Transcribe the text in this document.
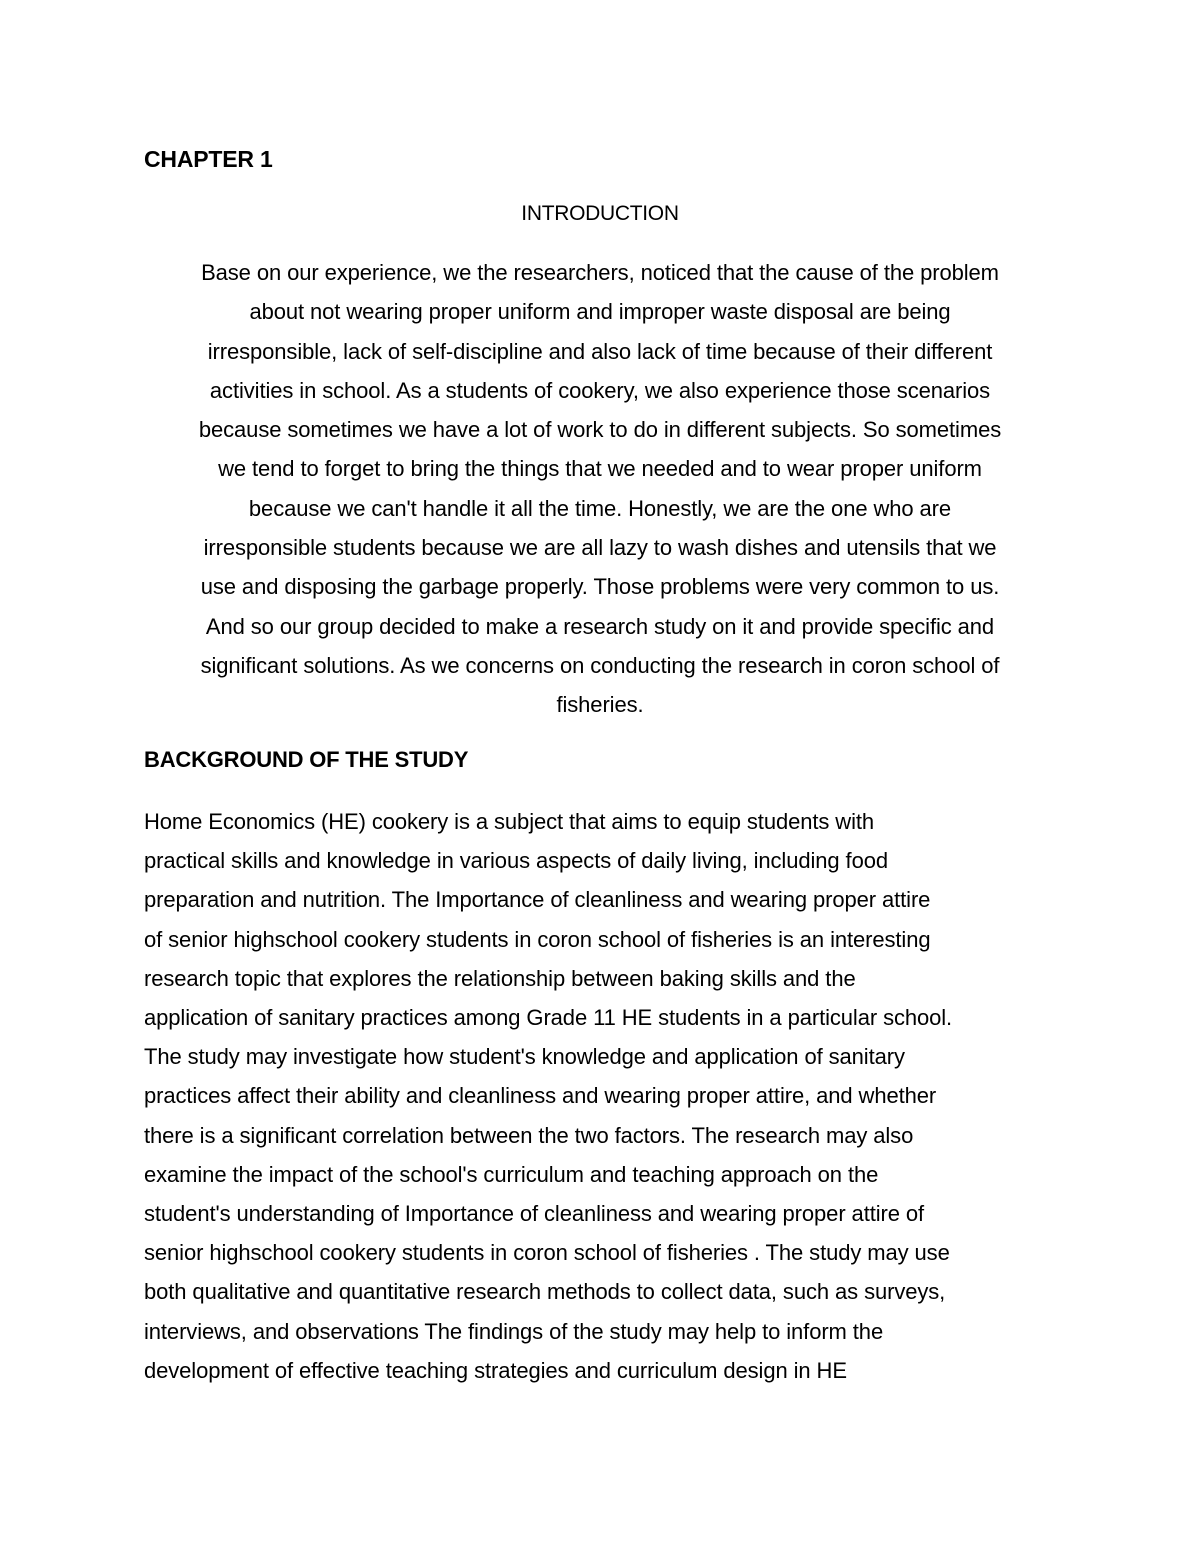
CHAPTER 1
INTRODUCTION
Base on our experience, we the researchers, noticed that the cause of the problem
about not wearing proper uniform and improper waste disposal are being
irresponsible, lack of self-discipline and also lack of time because of their different
activities in school. As a students of cookery, we also experience those scenarios
because sometimes we have a lot of work to do in different subjects. So sometimes
we tend to forget to bring the things that we needed and to wear proper uniform
because we can't handle it all the time. Honestly, we are the one who are
irresponsible students because we are all lazy to wash dishes and utensils that we
use and disposing the garbage properly. Those problems were very common to us.
And so our group decided to make a research study on it and provide specific and
significant solutions. As we concerns on conducting the research in coron school of
fisheries.
BACKGROUND OF THE STUDY
Home Economics (HE) cookery is a subject that aims to equip students with
practical skills and knowledge in various aspects of daily living, including food
preparation and nutrition. The Importance of cleanliness and wearing proper attire
of senior highschool cookery students in coron school of fisheries is an interesting
research topic that explores the relationship between baking skills and the
application of sanitary practices among Grade 11 HE students in a particular school.
The study may investigate how student's knowledge and application of sanitary
practices affect their ability and cleanliness and wearing proper attire, and whether
there is a significant correlation between the two factors. The research may also
examine the impact of the school's curriculum and teaching approach on the
student's understanding of Importance of cleanliness and wearing proper attire of
senior highschool cookery students in coron school of fisheries . The study may use
both qualitative and quantitative research methods to collect data, such as surveys,
interviews, and observations The findings of the study may help to inform the
development of effective teaching strategies and curriculum design in HE
